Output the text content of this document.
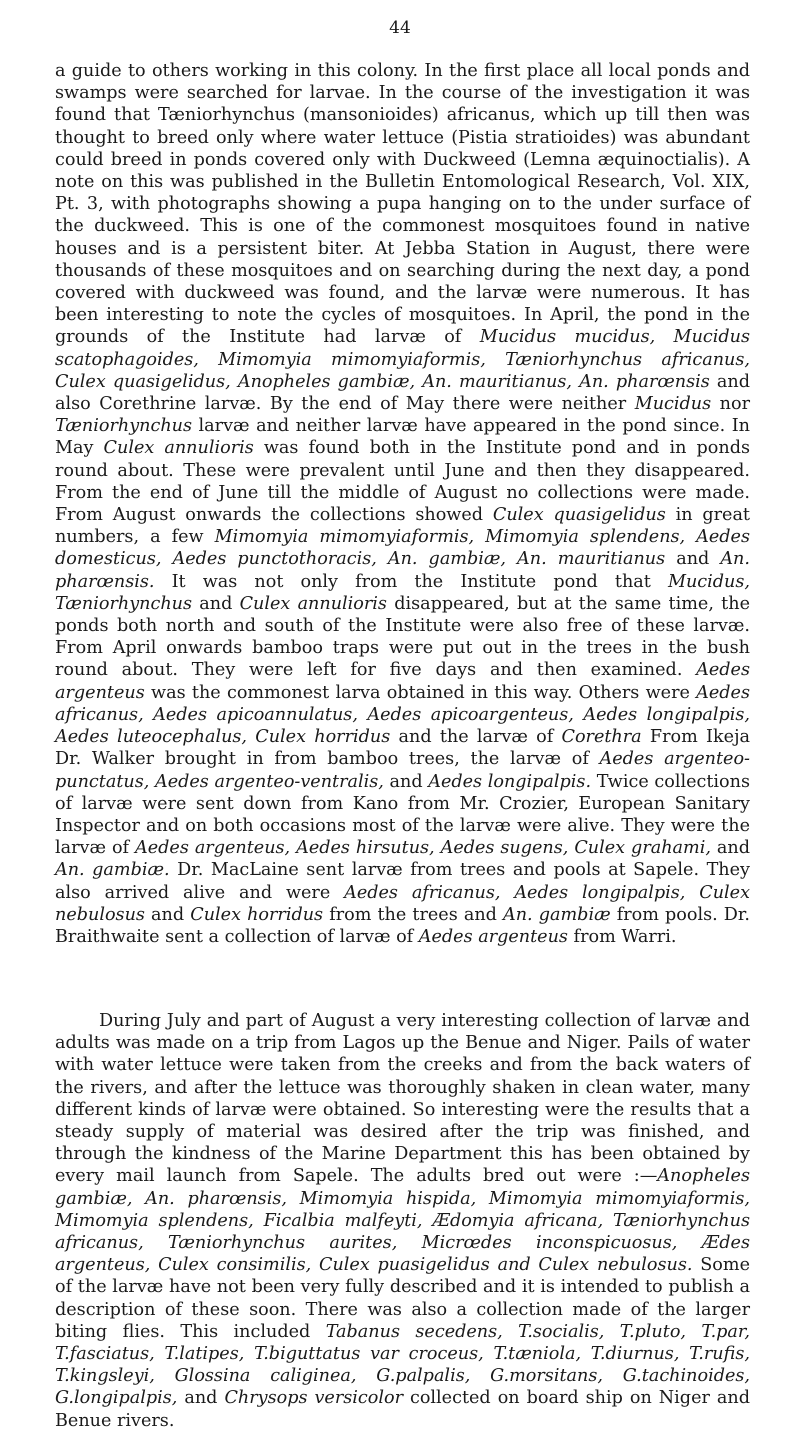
44

a guide to others working in this colony. In the first place all local ponds and swamps were searched for larvae. In the course of the investigation it was found that Tæniorhynchus (mansonioides) africanus, which up till then was thought to breed only where water lettuce (Pistia stratioides) was abundant could breed in ponds covered only with Duckweed (Lemna æquinoctialis). A note on this was published in the Bulletin Entomological Research, Vol. XIX, Pt. 3, with photographs showing a pupa hanging on to the under surface of the duckweed. This is one of the commonest mosquitoes found in native houses and is a persistent biter. At Jebba Station in August, there were thousands of these mosquitoes and on searching during the next day, a pond covered with duckweed was found, and the larvæ were numerous. It has been interesting to note the cycles of mosquitoes. In April, the pond in the grounds of the Institute had larvæ of Mucidus mucidus, Mucidus scatophagoides, Mimomyia mimomyiaformis, Tæniorhynchus africanus, Culex quasigelidus, Anopheles gambiæ, An. mauritianus, An. pharœnsis and also Corethrine larvæ. By the end of May there were neither Mucidus nor Tæniorhynchus larvæ and neither larvæ have appeared in the pond since. In May Culex annulioris was found both in the Institute pond and in ponds round about. These were prevalent until June and then they disappeared. From the end of June till the middle of August no collections were made. From August onwards the collections showed Culex quasigelidus in great numbers, a few Mimomyia mimomyiaformis, Mimomyia splendens, Aedes domesticus, Aedes punctothoracis, An. gambiæ, An. mauritianus and An. pharœnsis. It was not only from the Institute pond that Mucidus, Tæniorhynchus and Culex annulioris disappeared, but at the same time, the ponds both north and south of the Institute were also free of these larvæ. From April onwards bamboo traps were put out in the trees in the bush round about. They were left for five days and then examined. Aedes argenteus was the commonest larva obtained in this way. Others were Aedes africanus, Aedes apicoannulatus, Aedes apicoargenteus, Aedes longipalpis, Aedes luteocephalus, Culex horridus and the larvæ of Corethra From Ikeja Dr. Walker brought in from bamboo trees, the larvæ of Aedes argenteo-punctatus, Aedes argenteo-ventralis, and Aedes longipalpis. Twice collections of larvæ were sent down from Kano from Mr. Crozier, European Sanitary Inspector and on both occasions most of the larvæ were alive. They were the larvæ of Aedes argenteus, Aedes hirsutus, Aedes sugens, Culex grahami, and An. gambiæ. Dr. MacLaine sent larvæ from trees and pools at Sapele. They also arrived alive and were Aedes africanus, Aedes longipalpis, Culex nebulosus and Culex horridus from the trees and An. gambiæ from pools. Dr. Braithwaite sent a collection of larvæ of Aedes argenteus from Warri.

During July and part of August a very interesting collection of larvæ and adults was made on a trip from Lagos up the Benue and Niger. Pails of water with water lettuce were taken from the creeks and from the back waters of the rivers, and after the lettuce was thoroughly shaken in clean water, many different kinds of larvæ were obtained. So interesting were the results that a steady supply of material was desired after the trip was finished, and through the kindness of the Marine Department this has been obtained by every mail launch from Sapele. The adults bred out were :—Anopheles gambiæ, An. pharœnsis, Mimomyia hispida, Mimomyia mimomyiaformis, Mimomyia splendens, Ficalbia malfeyti, Ædomyia africana, Tæniorhynchus africanus, Tæniorhynchus aurites, Micrœdes inconspicuosus, Ædes argenteus, Culex consimilis, Culex puasigelidus and Culex nebulosus. Some of the larvæ have not been very fully described and it is intended to publish a description of these soon. There was also a collection made of the larger biting flies. This included Tabanus secedens, T.socialis, T.pluto, T.par, T.fasciatus, T.latipes, T.biguttatus var croceus, T.tæniola, T.diurnus, T.rufis, T.kingsleyi, Glossina caliginea, G.palpalis, G.morsitans, G.tachinoides, G.longipalpis, and Chrysops versicolor collected on board ship on Niger and Benue rivers.
